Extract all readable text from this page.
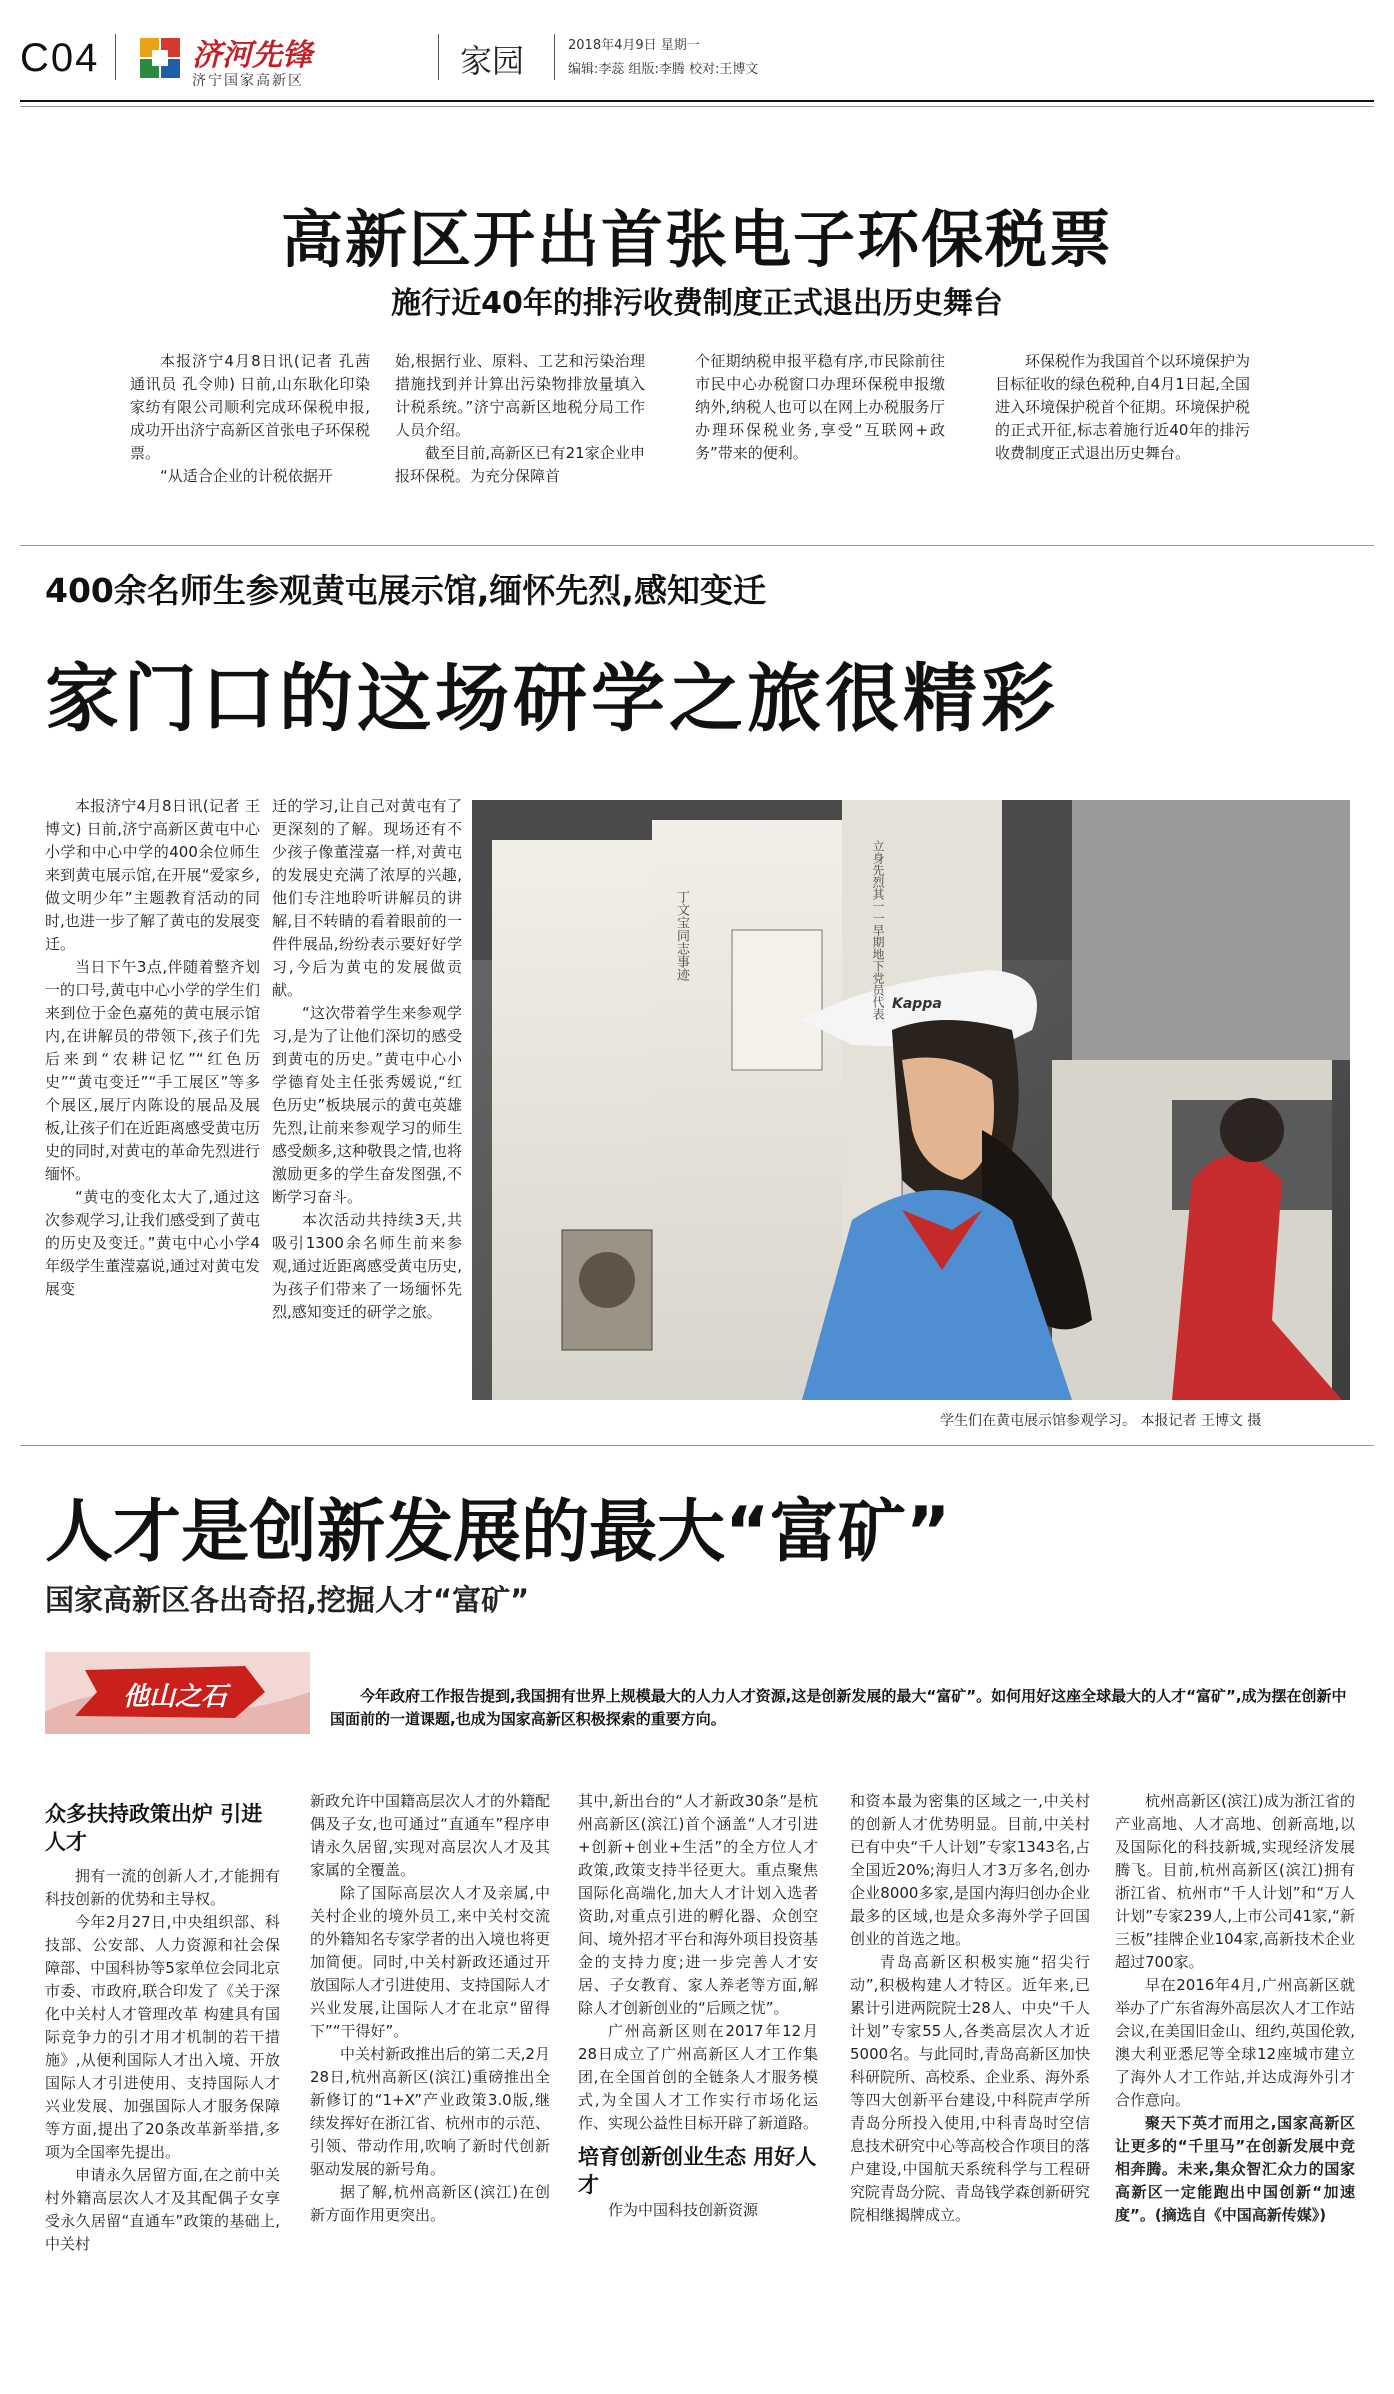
C04	济河先锋
济宁国家高新区
家园	2018年4月9日 星期一
编辑:李蕊 组版:李腾 校对:王博文
高新区开出首张电子环保税票
施行近40年的排污收费制度正式退出历史舞台

本报济宁4月8日讯(记者 孔茜 通讯员 孔令帅) 日前,山东耿化印染家纺有限公司顺利完成环保税申报,成功开出济宁高新区首张电子环保税票。

“从适合企业的计税依据开

始,根据行业、原料、工艺和污染治理措施找到并计算出污染物排放量填入计税系统。”济宁高新区地税分局工作人员介绍。

截至目前,高新区已有21家企业申报环保税。为充分保障首

个征期纳税申报平稳有序,市民除前往市民中心办税窗口办理环保税申报缴纳外,纳税人也可以在网上办税服务厅办理环保税业务,享受“互联网+政务”带来的便利。

环保税作为我国首个以环境保护为目标征收的绿色税种,自4月1日起,全国进入环境保护税首个征期。环境保护税的正式开征,标志着施行近40年的排污收费制度正式退出历史舞台。

400余名师生参观黄屯展示馆,缅怀先烈,感知变迁
家门口的这场研学之旅很精彩

本报济宁4月8日讯(记者 王博文) 日前,济宁高新区黄屯中心小学和中心中学的400余位师生来到黄屯展示馆,在开展“爱家乡,做文明少年”主题教育活动的同时,也进一步了解了黄屯的发展变迁。

当日下午3点,伴随着整齐划一的口号,黄屯中心小学的学生们来到位于金色嘉苑的黄屯展示馆内,在讲解员的带领下,孩子们先后来到“农耕记忆”“红色历史”“黄屯变迁”“手工展区”等多个展区,展厅内陈设的展品及展板,让孩子们在近距离感受黄屯历史的同时,对黄屯的革命先烈进行缅怀。

“黄屯的变化太大了,通过这次参观学习,让我们感受到了黄屯的历史及变迁。”黄屯中心小学4年级学生董滢嘉说,通过对黄屯发展变

迁的学习,让自己对黄屯有了更深刻的了解。现场还有不少孩子像董滢嘉一样,对黄屯的发展史充满了浓厚的兴趣,他们专注地聆听讲解员的讲解,目不转睛的看着眼前的一件件展品,纷纷表示要好好学习,今后为黄屯的发展做贡献。

“这次带着学生来参观学习,是为了让他们深切的感受到黄屯的历史。”黄屯中心小学德育处主任张秀媛说,“红色历史”板块展示的黄屯英雄先烈,让前来参观学习的师生感受颇多,这种敬畏之情,也将激励更多的学生奋发图强,不断学习奋斗。

本次活动共持续3天,共吸引1300余名师生前来参观,通过近距离感受黄屯历史,为孩子们带来了一场缅怀先烈,感知变迁的研学之旅。

丁文宝同志事迹	立身先烈其一一早期地下党员代表 Kappa
学生们在黄屯展示馆参观学习。 本报记者 王博文 摄
人才是创新发展的最大“富矿”
国家高新区各出奇招,挖掘人才“富矿”
他山之石	今年政府工作报告提到,我国拥有世界上规模最大的人力人才资源,这是创新发展的最大“富矿”。如何用好这座全球最大的人才“富矿”,成为摆在创新中国面前的一道课题,也成为国家高新区积极探索的重要方向。
众多扶持政策出炉 引进人才

拥有一流的创新人才,才能拥有科技创新的优势和主导权。

今年2月27日,中央组织部、科技部、公安部、人力资源和社会保障部、中国科协等5家单位会同北京市委、市政府,联合印发了《关于深化中关村人才管理改革 构建具有国际竞争力的引才用才机制的若干措施》,从便利国际人才出入境、开放国际人才引进使用、支持国际人才兴业发展、加强国际人才服务保障等方面,提出了20条改革新举措,多项为全国率先提出。

申请永久居留方面,在之前中关村外籍高层次人才及其配偶子女享受永久居留“直通车”政策的基础上,中关村

新政允许中国籍高层次人才的外籍配偶及子女,也可通过“直通车”程序申请永久居留,实现对高层次人才及其家属的全覆盖。

除了国际高层次人才及亲属,中关村企业的境外员工,来中关村交流的外籍知名专家学者的出入境也将更加简便。同时,中关村新政还通过开放国际人才引进使用、支持国际人才兴业发展,让国际人才在北京“留得下”“干得好”。

中关村新政推出后的第二天,2月28日,杭州高新区(滨江)重磅推出全新修订的“1+X”产业政策3.0版,继续发挥好在浙江省、杭州市的示范、引领、带动作用,吹响了新时代创新驱动发展的新号角。

据了解,杭州高新区(滨江)在创新方面作用更突出。

其中,新出台的“人才新政30条”是杭州高新区(滨江)首个涵盖“人才引进+创新+创业+生活”的全方位人才政策,政策支持半径更大。重点聚焦国际化高端化,加大人才计划入选者资助,对重点引进的孵化器、众创空间、境外招才平台和海外项目投资基金的支持力度;进一步完善人才安居、子女教育、家人养老等方面,解除人才创新创业的“后顾之忧”。

广州高新区则在2017年12月28日成立了广州高新区人才工作集团,在全国首创的全链条人才服务模式,为全国人才工作实行市场化运作、实现公益性目标开辟了新道路。

培育创新创业生态 用好人才

作为中国科技创新资源

和资本最为密集的区域之一,中关村的创新人才优势明显。目前,中关村已有中央“千人计划”专家1343名,占全国近20%;海归人才3万多名,创办企业8000多家,是国内海归创办企业最多的区域,也是众多海外学子回国创业的首选之地。

青岛高新区积极实施“招尖行动”,积极构建人才特区。近年来,已累计引进两院院士28人、中央“千人计划”专家55人,各类高层次人才近5000名。与此同时,青岛高新区加快科研院所、高校系、企业系、海外系等四大创新平台建设,中科院声学所青岛分所投入使用,中科青岛时空信息技术研究中心等高校合作项目的落户建设,中国航天系统科学与工程研究院青岛分院、青岛钱学森创新研究院相继揭牌成立。

杭州高新区(滨江)成为浙江省的产业高地、人才高地、创新高地,以及国际化的科技新城,实现经济发展腾飞。目前,杭州高新区(滨江)拥有浙江省、杭州市“千人计划”和“万人计划”专家239人,上市公司41家,“新三板”挂牌企业104家,高新技术企业超过700家。

早在2016年4月,广州高新区就举办了广东省海外高层次人才工作站会议,在美国旧金山、纽约,英国伦敦,澳大利亚悉尼等全球12座城市建立了海外人才工作站,并达成海外引才合作意向。

聚天下英才而用之,国家高新区让更多的“千里马”在创新发展中竞相奔腾。未来,集众智汇众力的国家高新区一定能跑出中国创新“加速度”。(摘选自《中国高新传媒》)
